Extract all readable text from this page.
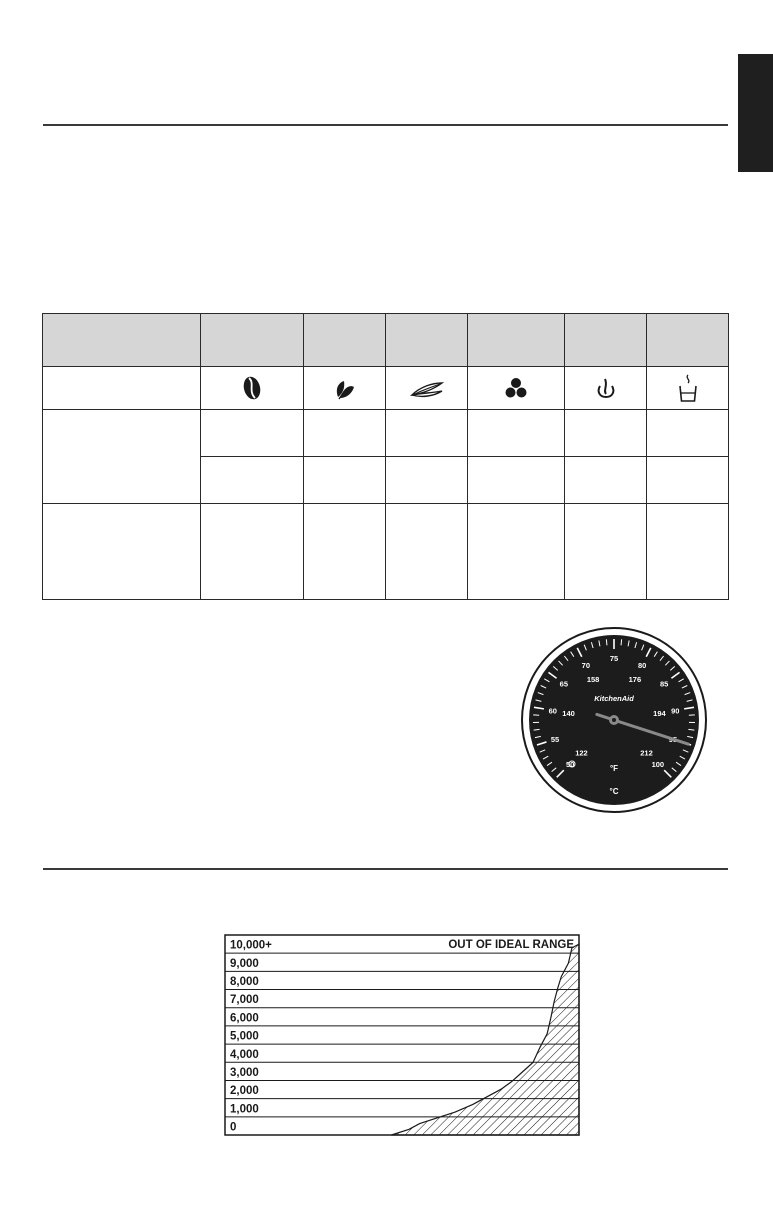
50
55
60
65
70
75
80
85
90
100
122
140
158	176
194
212
KitchenAid
°F
°C
0
1,000
2,000
3,000
4,000
5,000
6,000
7,000
8,000
9,000
10,000+	OUT OF IDEAL RANGE
